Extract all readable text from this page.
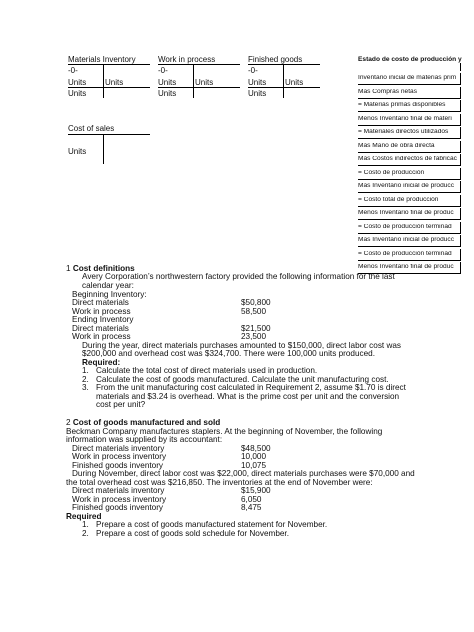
Materials Inventory
-0-
Units Units
Units
Work in process
-0-
Units Units
Units
Finished goods
-0-
Units Units
Units
Cost of sales
Units
Estado de costo de producción y
Inventario inicial de materias prim
Mas Compras netas
= Materias primas disponibles
Menos Inventario final de materi
= Materiales directos utilizados
Mas Mano de obra directa
Mas Costos indirectos de fabricac
= Costo de producción
Mas Inventario inicial de producc
= Costo total de producción
Menos Inventario final de produc
= Costo de producción terminad
Mas Inventario inicial de producc
= Costo de producción terminad
Menos Inventario final de produc
1 Cost definitions
Avery Corporation’s northwestern factory provided the following information for the last
calendar year:
Beginning Inventory:
Direct materials	$50,800
Work in process	58,500
Ending Inventory
Direct materials	$21,500
Work in process	23,500
During the year, direct materials purchases amounted to $150,000, direct labor cost was
$200,000 and overhead cost was $324,700. There were 100,000 units produced.
Required:
1. Calculate the total cost of direct materials used in production.
2. Calculate the cost of goods manufactured. Calculate the unit manufacturing cost.
3. From the unit manufacturing cost calculated in Requirement 2, assume $1.70 is direct
materials and $3.24 is overhead. What is the prime cost per unit and the conversion
cost per unit?
2 Cost of goods manufactured and sold
Beckman Company manufactures staplers. At the beginning of November, the following
information was supplied by its accountant:
Direct materials inventory	$48,500
Work in process inventory	10,000
Finished goods inventory	10,075
During November, direct labor cost was $22,000, direct materials purchases were $70,000 and
the total overhead cost was $216,850. The inventories at the end of November were:
Direct materials inventory	$15,900
Work in process inventory	6,050
Finished goods inventory	8,475
Required
1. Prepare a cost of goods manufactured statement for November.
2. Prepare a cost of goods sold schedule for November.
